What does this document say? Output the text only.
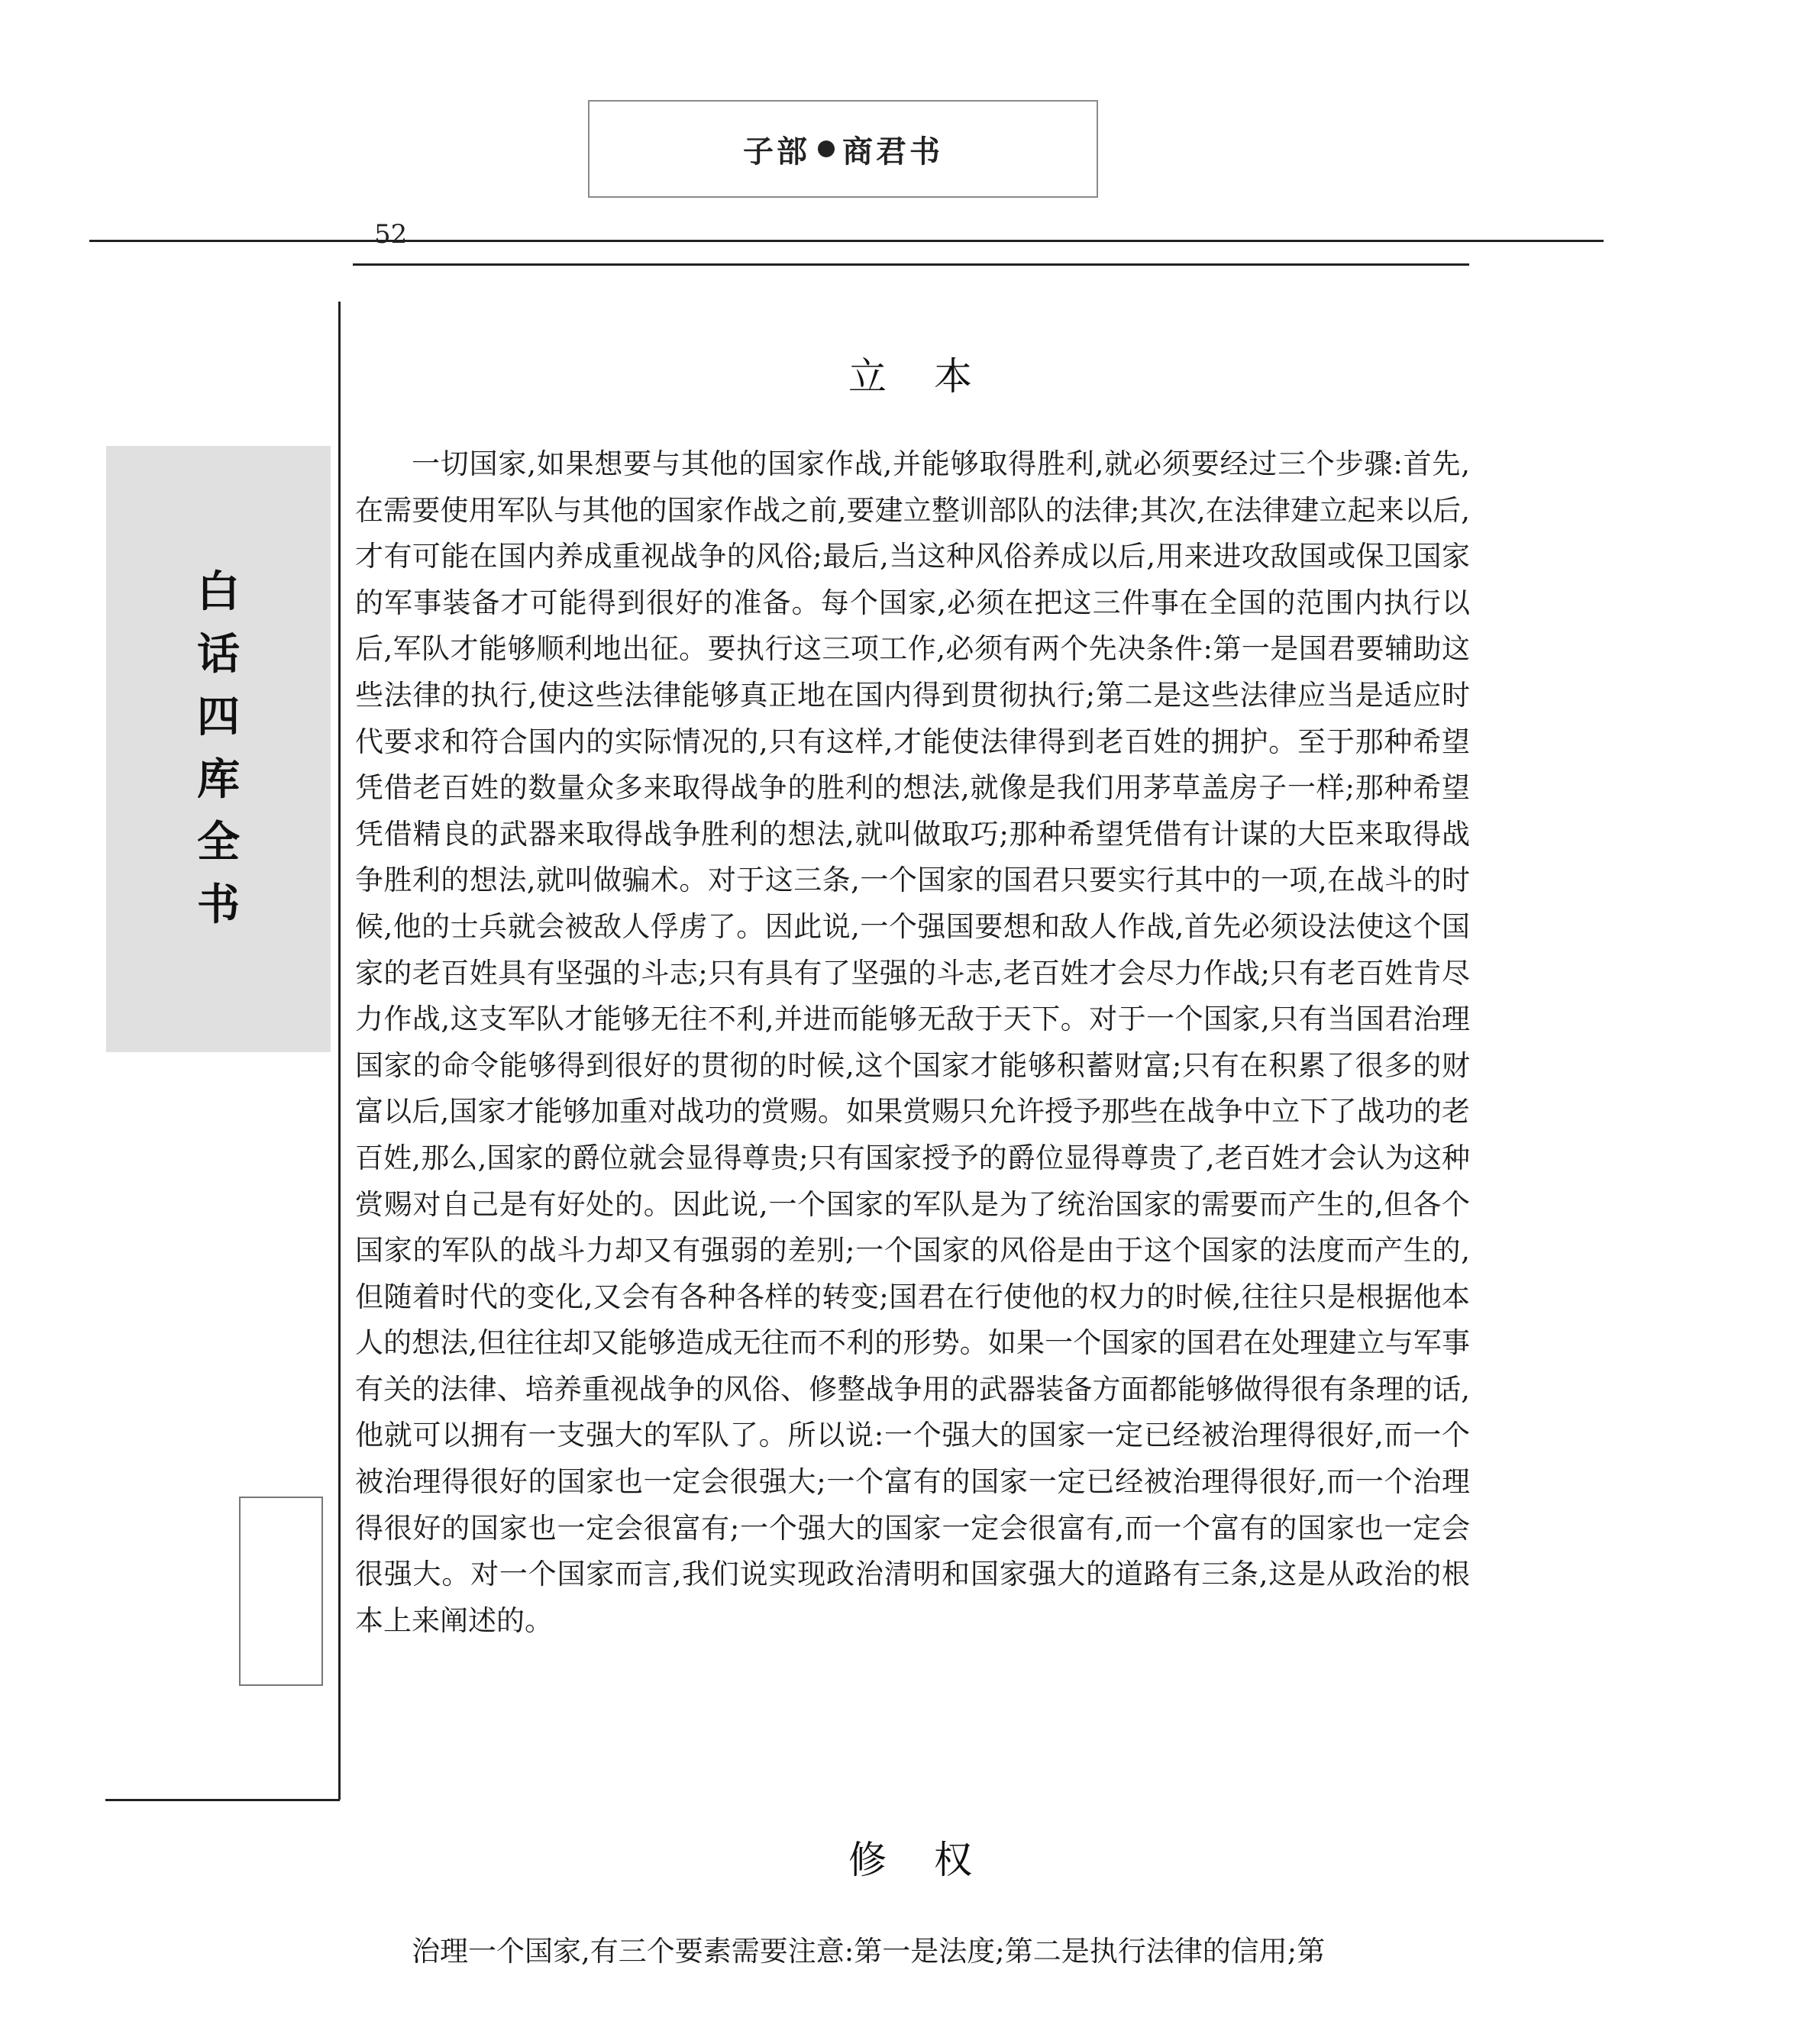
子部 商君书
52
白
话
四
库
全
书
立 本

一切国家,如果想要与其他的国家作战,并能够取得胜利,就必须要经过三个步骤:首先,在需要使用军队与其他的国家作战之前,要建立整训部队的法律;其次,在法律建立起来以后,才有可能在国内养成重视战争的风俗;最后,当这种风俗养成以后,用来进攻敌国或保卫国家的军事装备才可能得到很好的准备。每个国家,必须在把这三件事在全国的范围内执行以后,军队才能够顺利地出征。要执行这三项工作,必须有两个先决条件:第一是国君要辅助这些法律的执行,使这些法律能够真正地在国内得到贯彻执行;第二是这些法律应当是适应时代要求和符合国内的实际情况的,只有这样,才能使法律得到老百姓的拥护。至于那种希望凭借老百姓的数量众多来取得战争的胜利的想法,就像是我们用茅草盖房子一样;那种希望凭借精良的武器来取得战争胜利的想法,就叫做取巧;那种希望凭借有计谋的大臣来取得战争胜利的想法,就叫做骗术。对于这三条,一个国家的国君只要实行其中的一项,在战斗的时候,他的士兵就会被敌人俘虏了。因此说,一个强国要想和敌人作战,首先必须设法使这个国家的老百姓具有坚强的斗志;只有具有了坚强的斗志,老百姓才会尽力作战;只有老百姓肯尽力作战,这支军队才能够无往不利,并进而能够无敌于天下。对于一个国家,只有当国君治理国家的命令能够得到很好的贯彻的时候,这个国家才能够积蓄财富;只有在积累了很多的财富以后,国家才能够加重对战功的赏赐。如果赏赐只允许授予那些在战争中立下了战功的老百姓,那么,国家的爵位就会显得尊贵;只有国家授予的爵位显得尊贵了,老百姓才会认为这种赏赐对自己是有好处的。因此说,一个国家的军队是为了统治国家的需要而产生的,但各个国家的军队的战斗力却又有强弱的差别;一个国家的风俗是由于这个国家的法度而产生的,但随着时代的变化,又会有各种各样的转变;国君在行使他的权力的时候,往往只是根据他本人的想法,但往往却又能够造成无往而不利的形势。如果一个国家的国君在处理建立与军事有关的法律、培养重视战争的风俗、修整战争用的武器装备方面都能够做得很有条理的话,他就可以拥有一支强大的军队了。所以说:一个强大的国家一定已经被治理得很好,而一个被治理得很好的国家也一定会很强大;一个富有的国家一定已经被治理得很好,而一个治理得很好的国家也一定会很富有;一个强大的国家一定会很富有,而一个富有的国家也一定会很强大。对一个国家而言,我们说实现政治清明和国家强大的道路有三条,这是从政治的根本上来阐述的。

修 权

治理一个国家,有三个要素需要注意:第一是法度;第二是执行法律的信用;第
